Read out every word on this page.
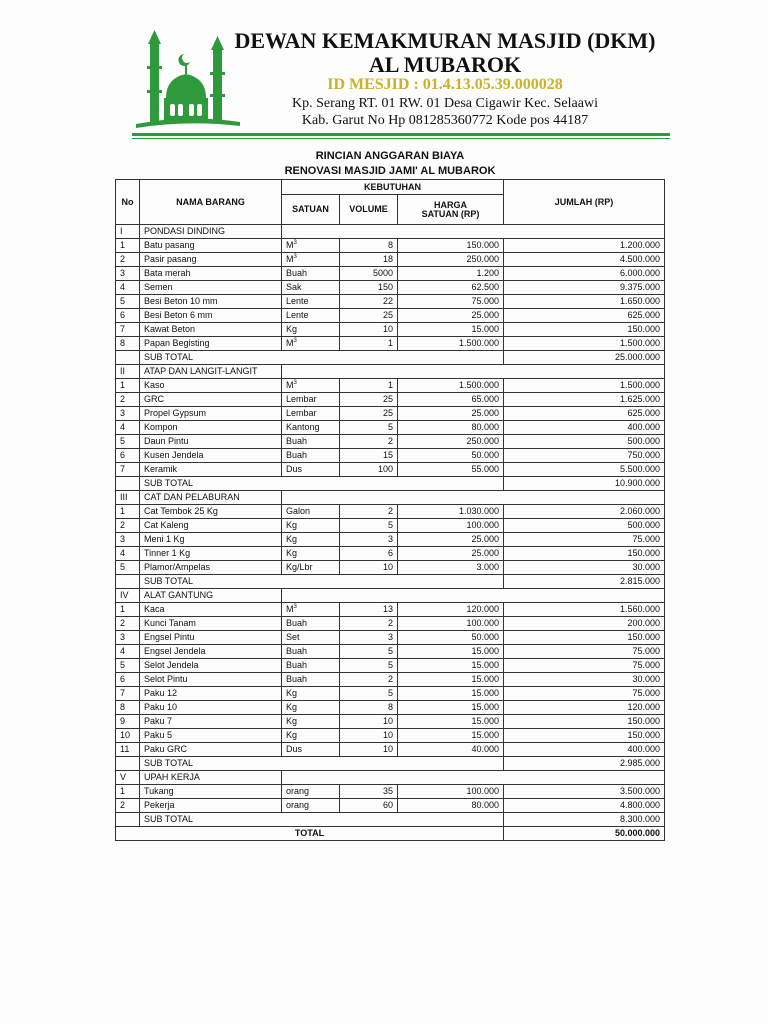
DEWAN KEMAKMURAN MASJID (DKM)
AL MUBAROK
ID MESJID : 01.4.13.05.39.000028
Kp. Serang RT. 01 RW. 01 Desa Cigawir Kec. Selaawi
Kab. Garut No Hp 081285360772 Kode pos 44187
RINCIAN ANGGARAN BIAYA
RENOVASI MASJID JAMI' AL MUBAROK
No	NAMA BARANG	KEBUTUHAN			JUMLAH (RP)
		SATUAN	VOLUME	HARGA
SATUAN (RP)	

I	PONDASI DINDING				
1	Batu pasang	$M^3$	8	150.000	1.200.000
2	Pasir pasang	$M^3$	18	250.000	4.500.000
3	Bata merah	Buah	5000	1.200	6.000.000
4	Semen	Sak	150	62.500	9.375.000
5	Besi Beton 10 mm	Lente	22	75.000	1.650.000
6	Besi Beton 6 mm	Lente	25	25.000	625.000
7	Kawat Beton	Kg	10	15.000	150.000
8	Papan Begisting	$M^3$	1	1.500.000	1.500.000
	SUB TOTAL				25.000.000
II	ATAP DAN LANGIT-LANGIT				
1	Kaso	$M^3$	1	1.500.000	1.500.000
2	GRC	Lembar	25	65.000	1.625.000
3	Propel Gypsum	Lembar	25	25.000	625.000
4	Kompon	Kantong	5	80.000	400.000
5	Daun Pintu	Buah	2	250.000	500.000
6	Kusen Jendela	Buah	15	50.000	750.000
7	Keramik	Dus	100	55.000	5.500.000
	SUB TOTAL				10.900.000
III	CAT DAN PELABURAN				
1	Cat Tembok 25 Kg	Galon	2	1.030.000	2.060.000
2	Cat Kaleng	Kg	5	100.000	500.000
3	Meni 1 Kg	Kg	3	25.000	75.000
4	Tinner 1 Kg	Kg	6	25.000	150.000
5	Plamor/Ampelas	Kg/Lbr	10	3.000	30.000
	SUB TOTAL				2.815.000
IV	ALAT GANTUNG				
1	Kaca	$M^3$	13	120.000	1.560.000
2	Kunci Tanam	Buah	2	100.000	200.000
3	Engsel Pintu	Set	3	50.000	150.000
4	Engsel Jendela	Buah	5	15.000	75.000
5	Selot Jendela	Buah	5	15.000	75.000
6	Selot Pintu	Buah	2	15.000	30.000
7	Paku 12	Kg	5	15.000	75.000
8	Paku 10	Kg	8	15.000	120.000
9	Paku 7	Kg	10	15.000	150.000
10	Paku 5	Kg	10	15.000	150.000
11	Paku GRC	Dus	10	40.000	400.000
	SUB TOTAL				2.985.000
V	UPAH KERJA				
1	Tukang	orang	35	100.000	3.500.000
2	Pekerja	orang	60	80.000	4.800.000
	SUB TOTAL				8.300.000
TOTAL					50.000.000
